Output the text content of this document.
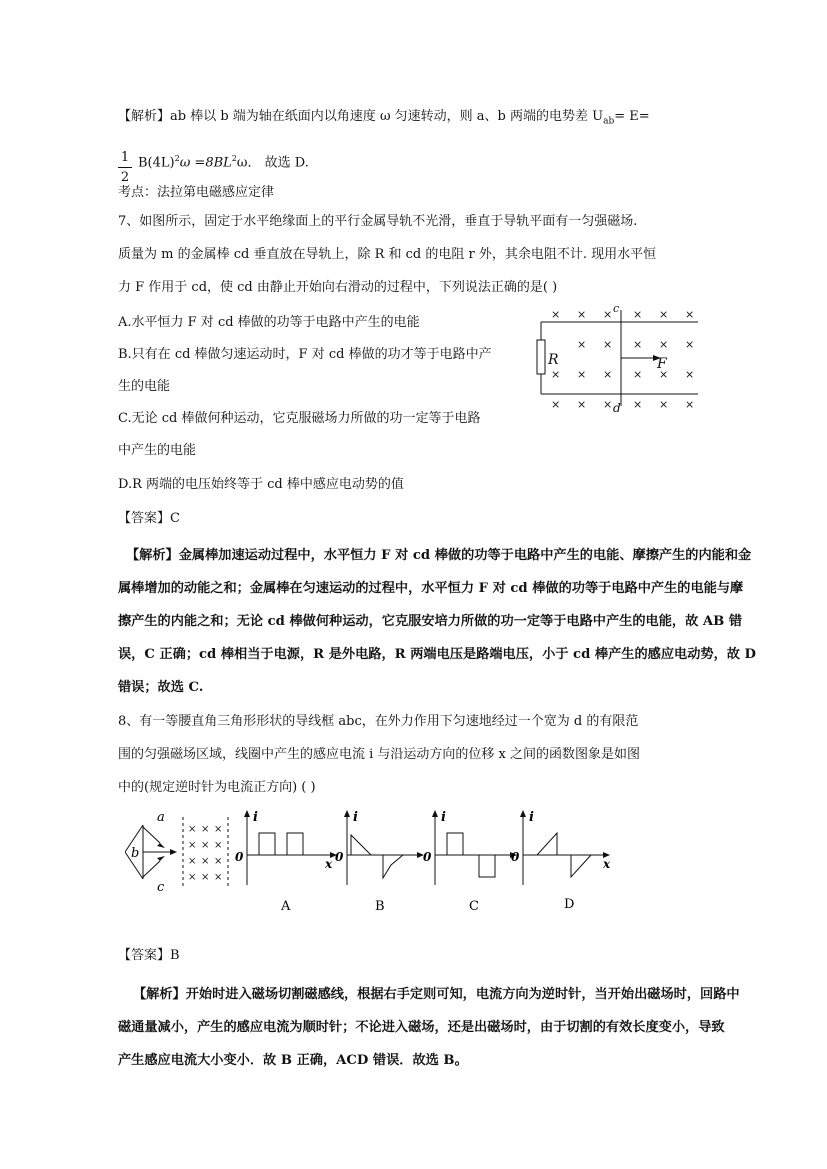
【解析】ab 棒以 b 端为轴在纸面内以角速度 ω 匀速转动，则 a、b 两端的电势差 $U_{ab}= E=$
1
2
$B(4L)^2\omega =8BL^2\omega$． 故选 D.
考点：法拉第电磁感应定律
7、如图所示，固定于水平绝缘面上的平行金属导轨不光滑，垂直于导轨平面有一匀强磁场.
质量为 m 的金属棒 cd 垂直放在导轨上，除 R 和 cd 的电阻 r 外，其余电阻不计. 现用水平恒
力 F 作用于 cd，使 cd 由静止开始向右滑动的过程中，下列说法正确的是( )
A.水平恒力 F 对 cd 棒做的功等于电路中产生的电能
B.只有在 cd 棒做匀速运动时，F 对 cd 棒做的功才等于电路中产
生的电能
C.无论 cd 棒做何种运动，它克服磁场力所做的功一定等于电路
中产生的电能
D.R 两端的电压始终等于 cd 棒中感应电动势的值
× × × × × ×
× × × × ×
× × × × × ×
× × × × × ×
R	F
c
d
【答案】C
【解析】金属棒加速运动过程中，水平恒力 F 对 cd 棒做的功等于电路中产生的电能、摩擦产生的内能和金
属棒增加的动能之和；金属棒在匀速运动的过程中，水平恒力 F 对 cd 棒做的功等于电路中产生的电能与摩
擦产生的内能之和；无论 cd 棒做何种运动，它克服安培力所做的功一定等于电路中产生的电能，故 AB 错
误，C 正确；cd 棒相当于电源，R 是外电路，R 两端电压是路端电压，小于 cd 棒产生的感应电动势，故 D
错误；故选 C.
8、有一等腰直角三角形形状的导线框 abc，在外力作用下匀速地经过一个宽为 d 的有限范
围的匀强磁场区域，线圈中产生的感应电流 i 与沿运动方向的位移 x 之间的函数图象是如图
中的(规定逆时针为电流正方向) ( )
a
b
c
× × ×
× × ×
× × ×
× × ×
i
0	x
A
i
0
B
i
0
C
i
0	x
D
【答案】B
【解析】开始时进入磁场切割磁感线，根据右手定则可知，电流方向为逆时针，当开始出磁场时，回路中
磁通量减小，产生的感应电流为顺时针；不论进入磁场，还是出磁场时，由于切割的有效长度变小，导致
产生感应电流大小变小．故 B 正确，ACD 错误．故选 B。
